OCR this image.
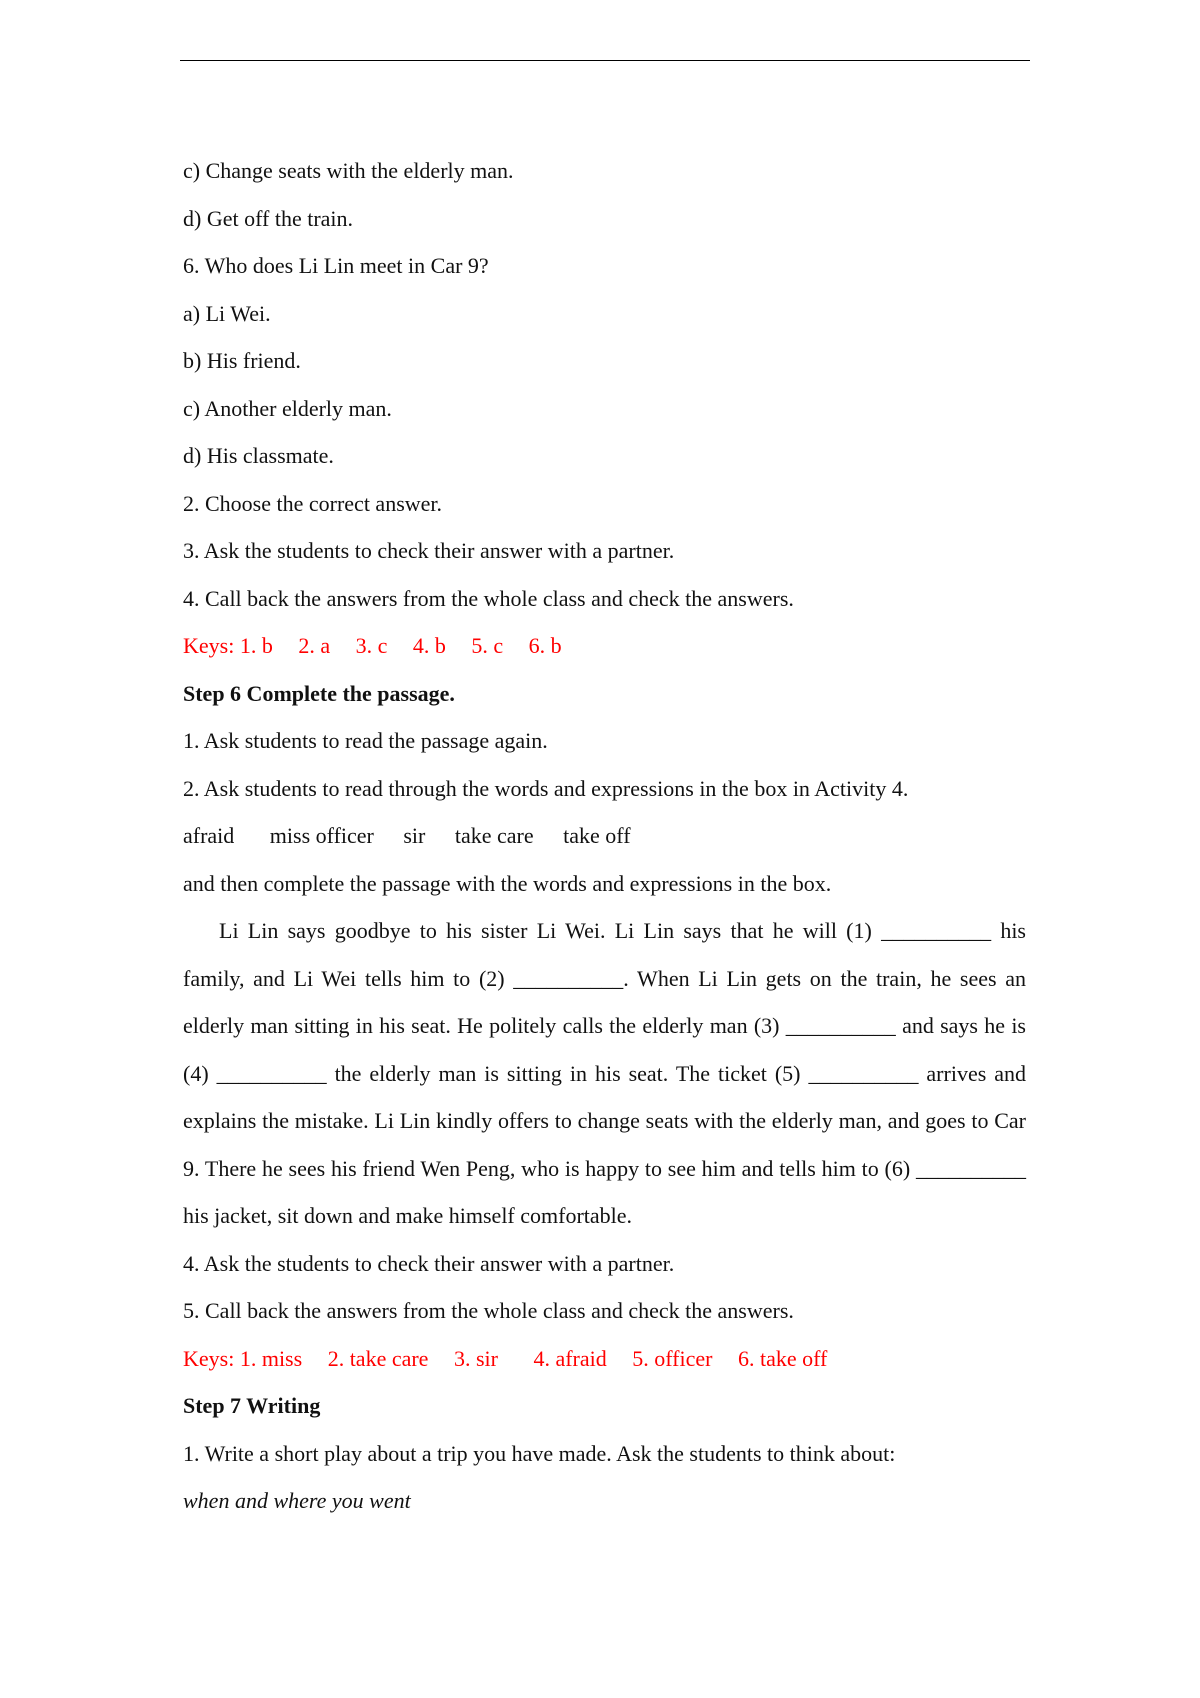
c) Change seats with the elderly man.

d) Get off the train.

6. Who does Li Lin meet in Car 9?

a) Li Wei.

b) His friend.

c) Another elderly man.

d) His classmate.

2. Choose the correct answer.

3. Ask the students to check their answer with a partner.

4. Call back the answers from the whole class and check the answers.

Keys: 1. b 2. a 3. c 4. b 5. c 6. b

Step 6 Complete the passage.

1. Ask students to read the passage again.

2. Ask students to read through the words and expressions in the box in Activity 4.

afraid miss officer sir take care take off

and then complete the passage with the words and expressions in the box.

Li Lin says goodbye to his sister Li Wei. Li Lin says that he will (1) __________ his family, and Li Wei tells him to (2) __________. When Li Lin gets on the train, he sees an elderly man sitting in his seat. He politely calls the elderly man (3) __________ and says he is (4) __________ the elderly man is sitting in his seat. The ticket (5) __________ arrives and explains the mistake. Li Lin kindly offers to change seats with the elderly man, and goes to Car 9. There he sees his friend Wen Peng, who is happy to see him and tells him to (6) __________ his jacket, sit down and make himself comfortable.

4. Ask the students to check their answer with a partner.

5. Call back the answers from the whole class and check the answers.

Keys: 1. miss 2. take care 3. sir 4. afraid 5. officer 6. take off

Step 7 Writing

1. Write a short play about a trip you have made. Ask the students to think about:

when and where you went
